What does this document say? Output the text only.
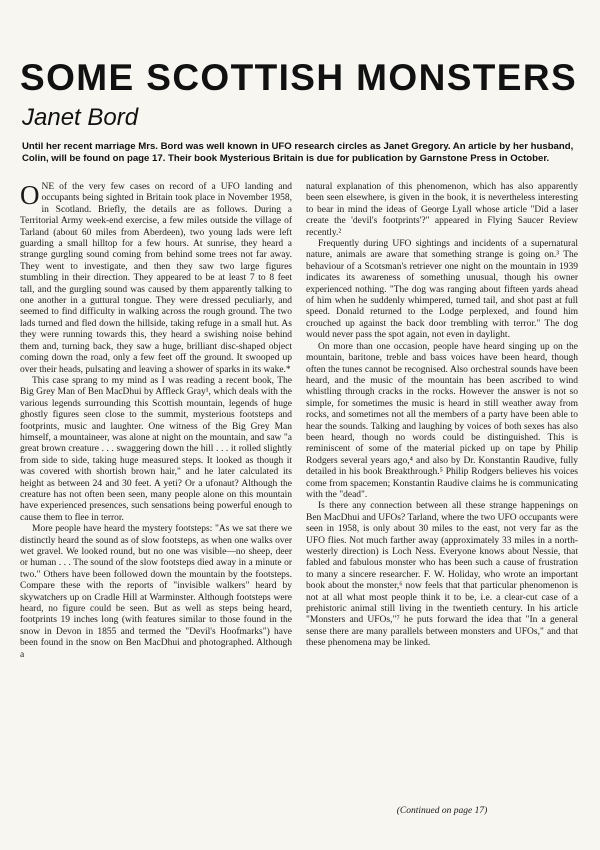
SOME SCOTTISH MONSTERS
Janet Bord
Until her recent marriage Mrs. Bord was well known in UFO research circles as Janet Gregory. An article by her husband, Colin, will be found on page 17. Their book Mysterious Britain is due for publication by Garnstone Press in October.

ONE of the very few cases on record of a UFO landing and occupants being sighted in Britain took place in November 1958, in Scotland. Briefly, the details are as follows. During a Territorial Army week-end exercise, a few miles outside the village of Tarland (about 60 miles from Aberdeen), two young lads were left guarding a small hilltop for a few hours. At sunrise, they heard a strange gurgling sound coming from behind some trees not far away. They went to investigate, and then they saw two large figures stumbling in their direction. They appeared to be at least 7 to 8 feet tall, and the gurgling sound was caused by them apparently talking to one another in a guttural tongue. They were dressed peculiarly, and seemed to find difficulty in walking across the rough ground. The two lads turned and fled down the hillside, taking refuge in a small hut. As they were running towards this, they heard a swishing noise behind them and, turning back, they saw a huge, brilliant disc-shaped object coming down the road, only a few feet off the ground. It swooped up over their heads, pulsating and leaving a shower of sparks in its wake.*

This case sprang to my mind as I was reading a recent book, The Big Grey Man of Ben MacDhui by Affleck Gray¹, which deals with the various legends surrounding this Scottish mountain, legends of huge ghostly figures seen close to the summit, mysterious footsteps and footprints, music and laughter. One witness of the Big Grey Man himself, a mountaineer, was alone at night on the mountain, and saw "a great brown creature . . . swaggering down the hill . . . it rolled slightly from side to side, taking huge measured steps. It looked as though it was covered with shortish brown hair," and he later calculated its height as between 24 and 30 feet. A yeti? Or a ufonaut? Although the creature has not often been seen, many people alone on this mountain have experienced presences, such sensations being powerful enough to cause them to flee in terror.

More people have heard the mystery footsteps: "As we sat there we distinctly heard the sound as of slow footsteps, as when one walks over wet gravel. We looked round, but no one was visible—no sheep, deer or human . . . The sound of the slow footsteps died away in a minute or two." Others have been followed down the mountain by the footsteps. Compare these with the reports of "invisible walkers" heard by skywatchers up on Cradle Hill at Warminster. Although footsteps were heard, no figure could be seen. But as well as steps being heard, footprints 19 inches long (with features similar to those found in the snow in Devon in 1855 and termed the "Devil's Hoofmarks") have been found in the snow on Ben MacDhui and photographed. Although a

natural explanation of this phenomenon, which has also apparently been seen elsewhere, is given in the book, it is nevertheless interesting to bear in mind the ideas of George Lyall whose article "Did a laser create the 'devil's footprints'?" appeared in Flying Saucer Review recently.²

Frequently during UFO sightings and incidents of a supernatural nature, animals are aware that something strange is going on.³ The behaviour of a Scotsman's retriever one night on the mountain in 1939 indicates its awareness of something unusual, though his owner experienced nothing. "The dog was ranging about fifteen yards ahead of him when he suddenly whimpered, turned tail, and shot past at full speed. Donald returned to the Lodge perplexed, and found him crouched up against the back door trembling with terror." The dog would never pass the spot again, not even in daylight.

On more than one occasion, people have heard singing up on the mountain, baritone, treble and bass voices have been heard, though often the tunes cannot be recognised. Also orchestral sounds have been heard, and the music of the mountain has been ascribed to wind whistling through cracks in the rocks. However the answer is not so simple, for sometimes the music is heard in still weather away from rocks, and sometimes not all the members of a party have been able to hear the sounds. Talking and laughing by voices of both sexes has also been heard, though no words could be distinguished. This is reminiscent of some of the material picked up on tape by Philip Rodgers several years ago,⁴ and also by Dr. Konstantin Raudive, fully detailed in his book Breakthrough.⁵ Philip Rodgers believes his voices come from spacemen; Konstantin Raudive claims he is communicating with the "dead".

Is there any connection between all these strange happenings on Ben MacDhui and UFOs? Tarland, where the two UFO occupants were seen in 1958, is only about 30 miles to the east, not very far as the UFO flies. Not much farther away (approximately 33 miles in a north-westerly direction) is Loch Ness. Everyone knows about Nessie, that fabled and fabulous monster who has been such a cause of frustration to many a sincere researcher. F. W. Holiday, who wrote an important book about the monster,⁶ now feels that that particular phenomenon is not at all what most people think it to be, i.e. a clear-cut case of a prehistoric animal still living in the twentieth century. In his article "Monsters and UFOs,"⁷ he puts forward the idea that "In a general sense there are many parallels between monsters and UFOs," and that these phenomena may be linked.

(Continued on page 17)
